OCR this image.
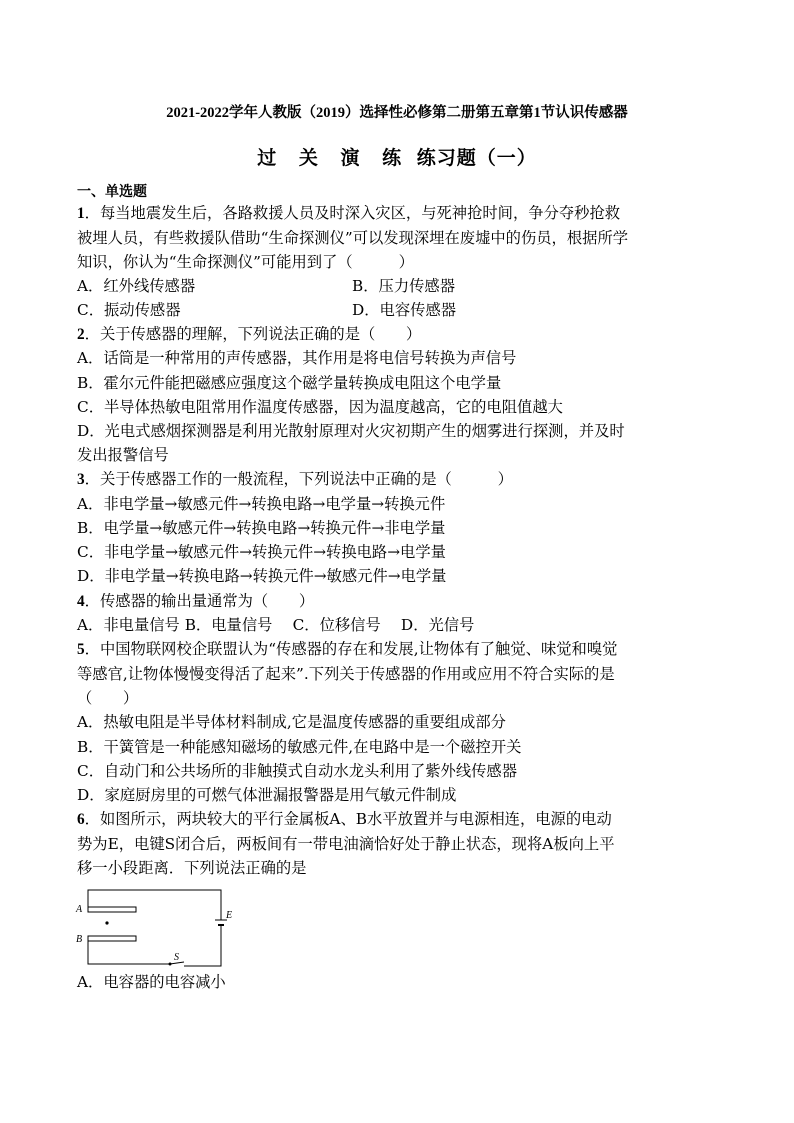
2021-2022学年人教版（2019）选择性必修第二册第五章第1节认识传感器
过 关 演 练 练习题（一）
一、单选题
1．每当地震发生后，各路救援人员及时深入灾区，与死神抢时间，争分夺秒抢救
被埋人员，有些救援队借助“生命探测仪”可以发现深埋在废墟中的伤员，根据所学
知识，你认为“生命探测仪”可能用到了（　　　）
A．红外线传感器	B．压力传感器
C．振动传感器	D．电容传感器
2．关于传感器的理解，下列说法正确的是（　　）
A．话筒是一种常用的声传感器，其作用是将电信号转换为声信号
B．霍尔元件能把磁感应强度这个磁学量转换成电阻这个电学量
C．半导体热敏电阻常用作温度传感器，因为温度越高，它的电阻值越大
D．光电式感烟探测器是利用光散射原理对火灾初期产生的烟雾进行探测，并及时
发出报警信号
3．关于传感器工作的一般流程，下列说法中正确的是（　　　）
A．非电学量→敏感元件→转换电路→电学量→转换元件
B．电学量→敏感元件→转换电路→转换元件→非电学量
C．非电学量→敏感元件→转换元件→转换电路→电学量
D．非电学量→转换电路→转换元件→敏感元件→电学量
4．传感器的输出量通常为（　　）
A．非电量信号 B．电量信号　 C．位移信号　 D．光信号
5．中国物联网校企联盟认为“传感器的存在和发展,让物体有了触觉、味觉和嗅觉
等感官,让物体慢慢变得活了起来”.下列关于传感器的作用或应用不符合实际的是
（　　）
A．热敏电阻是半导体材料制成,它是温度传感器的重要组成部分
B．干簧管是一种能感知磁场的敏感元件,在电路中是一个磁控开关
C．自动门和公共场所的非触摸式自动水龙头利用了紫外线传感器
D．家庭厨房里的可燃气体泄漏报警器是用气敏元件制成
6．如图所示，两块较大的平行金属板A、B水平放置并与电源相连，电源的电动
势为E，电键S闭合后，两板间有一带电油滴恰好处于静止状态，现将A板向上平
移一小段距离．下列说法正确的是
A
B
E
S
A．电容器的电容减小
